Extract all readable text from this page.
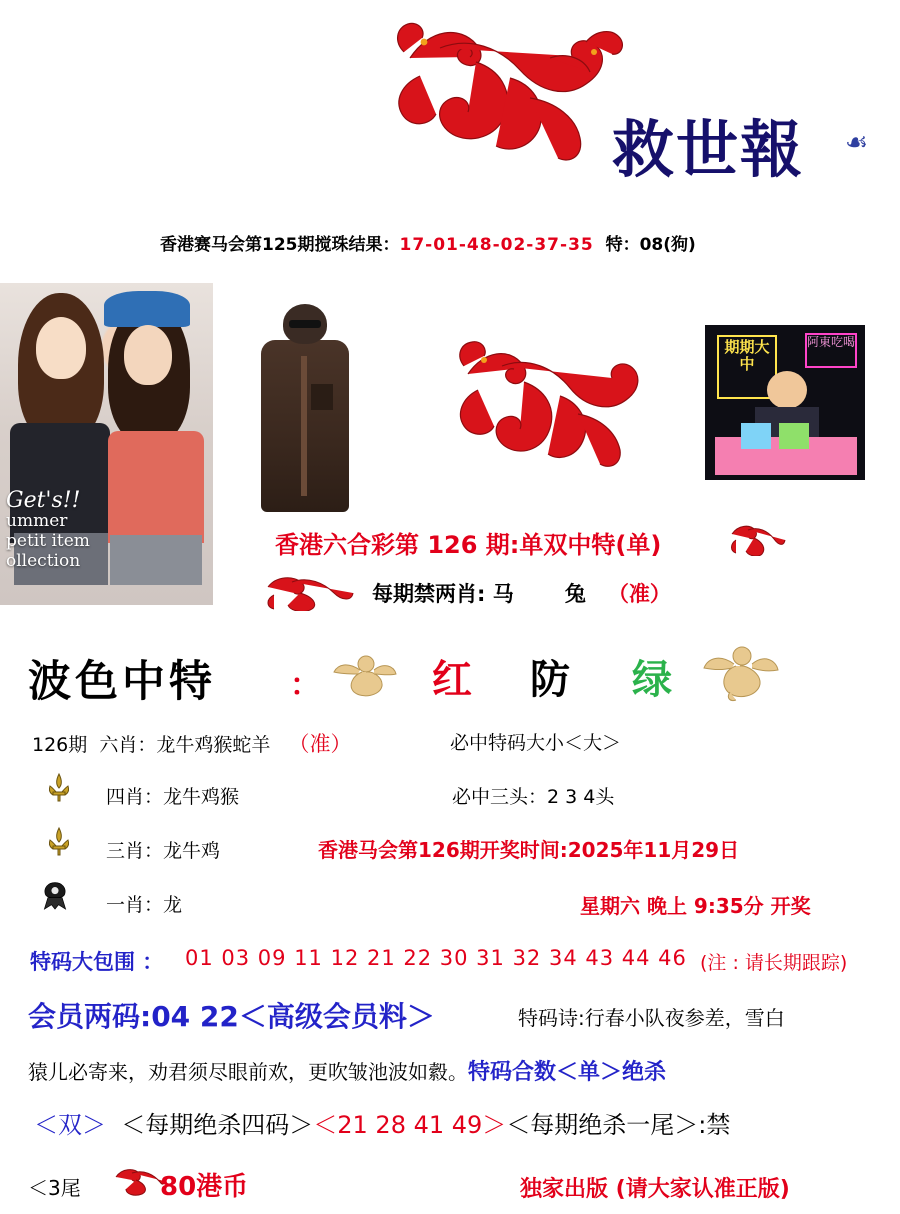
救世報 ☙
香港赛马会第125期搅珠结果：17-01-48-02-37-35 特：08(狗)
Get's!!
ummer
petit item
ollection
期期大中
阿東吃喝
香港六合彩第 126 期:单双中特(单)
每期禁两肖: 马 兔 （准）
波色中特 ：	红 防 绿
126期 六肖：龙牛鸡猴蛇羊 （准）	必中特码大小＜大＞
四肖：龙牛鸡猴	必中三头：2 3 4头
三肖：龙牛鸡	香港马会第126期开奖时间:2025年11月29日
一肖：龙	星期六 晚上 9:35分 开奖
特码大包围 ： 01 03 09 11 12 21 22 30 31 32 34 43 44 46 (注 : 请长期跟踪)
会员两码:04 22＜高级会员料＞	特码诗:行春小队夜参差，雪白
猿儿必寄来，劝君须尽眼前欢，更吹皱池波如縠。特码合数＜单＞绝杀
＜双＞ ＜每期绝杀四码＞＜21 28 41 49＞＜每期绝杀一尾＞:禁
＜3尾	80港币	独家出版 (请大家认准正版)
